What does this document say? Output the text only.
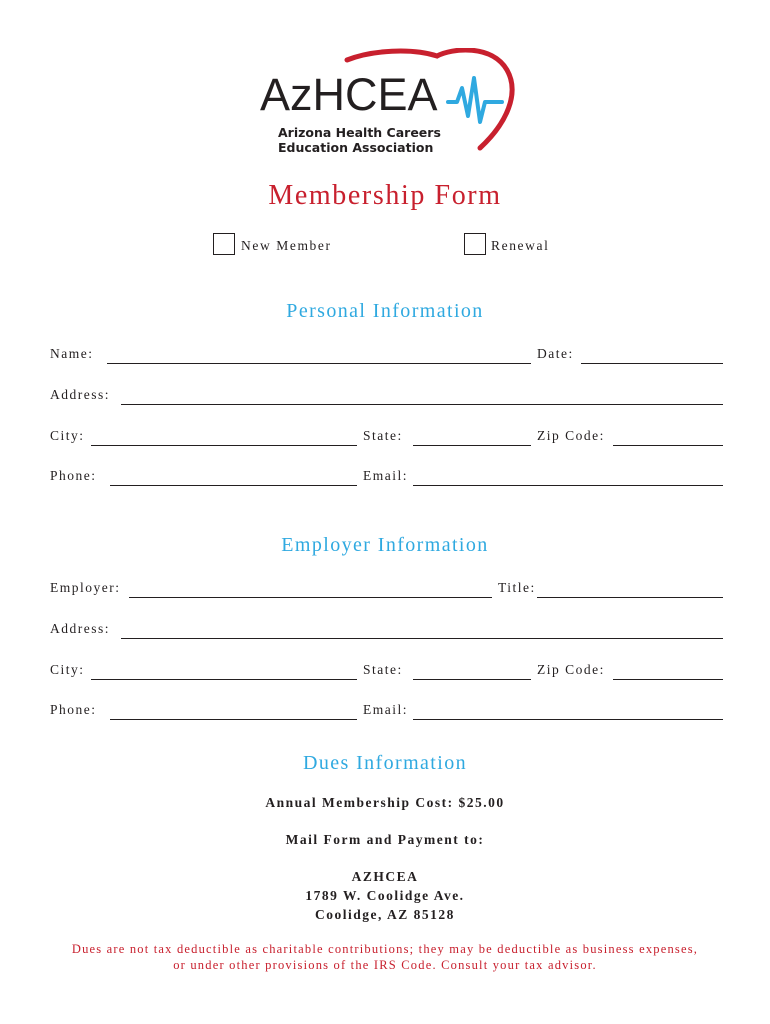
AzHCEA
Arizona Health Careers
Education Association
Membership Form
New Member	Renewal
Personal Information
Name:	Date:
Address:
City:	State:	Zip Code:
Phone:	Email:
Employer Information
Employer:	Title:
Address:
City:	State:	Zip Code:
Phone:	Email:
Dues Information
Annual Membership Cost: $25.00
Mail Form and Payment to:
AZHCEA
1789 W. Coolidge Ave.
Coolidge, AZ 85128
Dues are not tax deductible as charitable contributions; they may be deductible as business expenses,
or under other provisions of the IRS Code. Consult your tax advisor.
